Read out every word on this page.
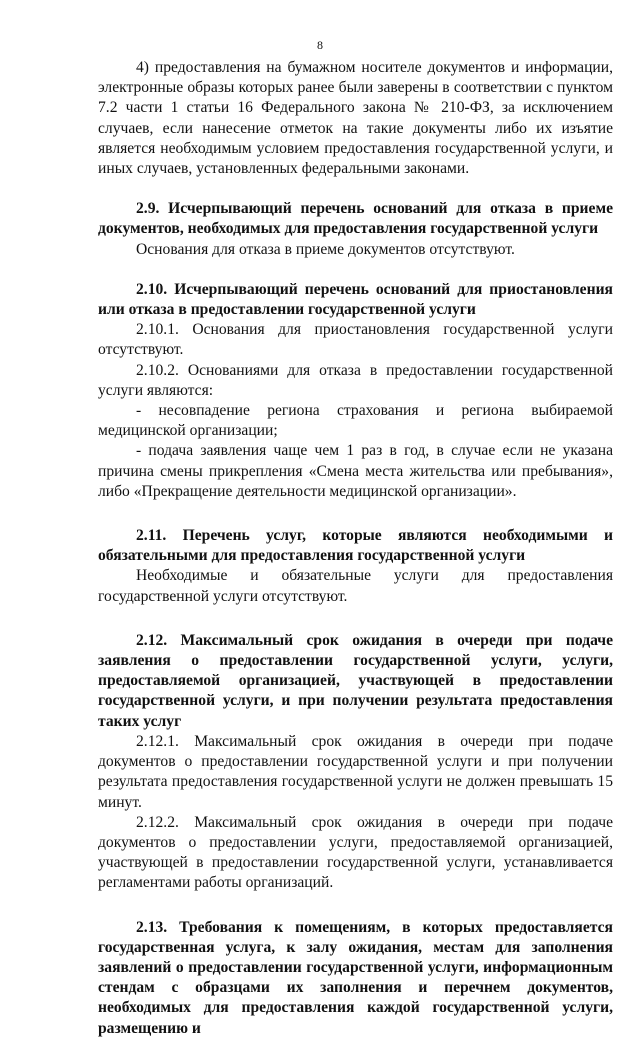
8

4) предоставления на бумажном носителе документов и информации, электронные образы которых ранее были заверены в соответствии с пунктом 7.2 части 1 статьи 16 Федерального закона № 210-ФЗ, за исключением случаев, если нанесение отметок на такие документы либо их изъятие является необходимым условием предоставления государственной услуги, и иных случаев, установленных федеральными законами.

2.9. Исчерпывающий перечень оснований для отказа в приеме документов, необходимых для предоставления государственной услуги

Основания для отказа в приеме документов отсутствуют.

2.10. Исчерпывающий перечень оснований для приостановления или отказа в предоставлении государственной услуги

2.10.1. Основания для приостановления государственной услуги отсутствуют.

2.10.2. Основаниями для отказа в предоставлении государственной услуги являются:

- несовпадение региона страхования и региона выбираемой медицинской организации;

- подача заявления чаще чем 1 раз в год, в случае если не указана причина смены прикрепления «Смена места жительства или пребывания», либо «Прекращение деятельности медицинской организации».

2.11. Перечень услуг, которые являются необходимыми и обязательными для предоставления государственной услуги

Необходимые и обязательные услуги для предоставления государственной услуги отсутствуют.

2.12. Максимальный срок ожидания в очереди при подаче заявления о предоставлении государственной услуги, услуги, предоставляемой организацией, участвующей в предоставлении государственной услуги, и при получении результата предоставления таких услуг

2.12.1. Максимальный срок ожидания в очереди при подаче документов о предоставлении государственной услуги и при получении результата предоставления государственной услуги не должен превышать 15 минут.

2.12.2. Максимальный срок ожидания в очереди при подаче документов о предоставлении услуги, предоставляемой организацией, участвующей в предоставлении государственной услуги, устанавливается регламентами работы организаций.

2.13. Требования к помещениям, в которых предоставляется государственная услуга, к залу ожидания, местам для заполнения заявлений о предоставлении государственной услуги, информационным стендам с образцами их заполнения и перечнем документов, необходимых для предоставления каждой государственной услуги, размещению и
